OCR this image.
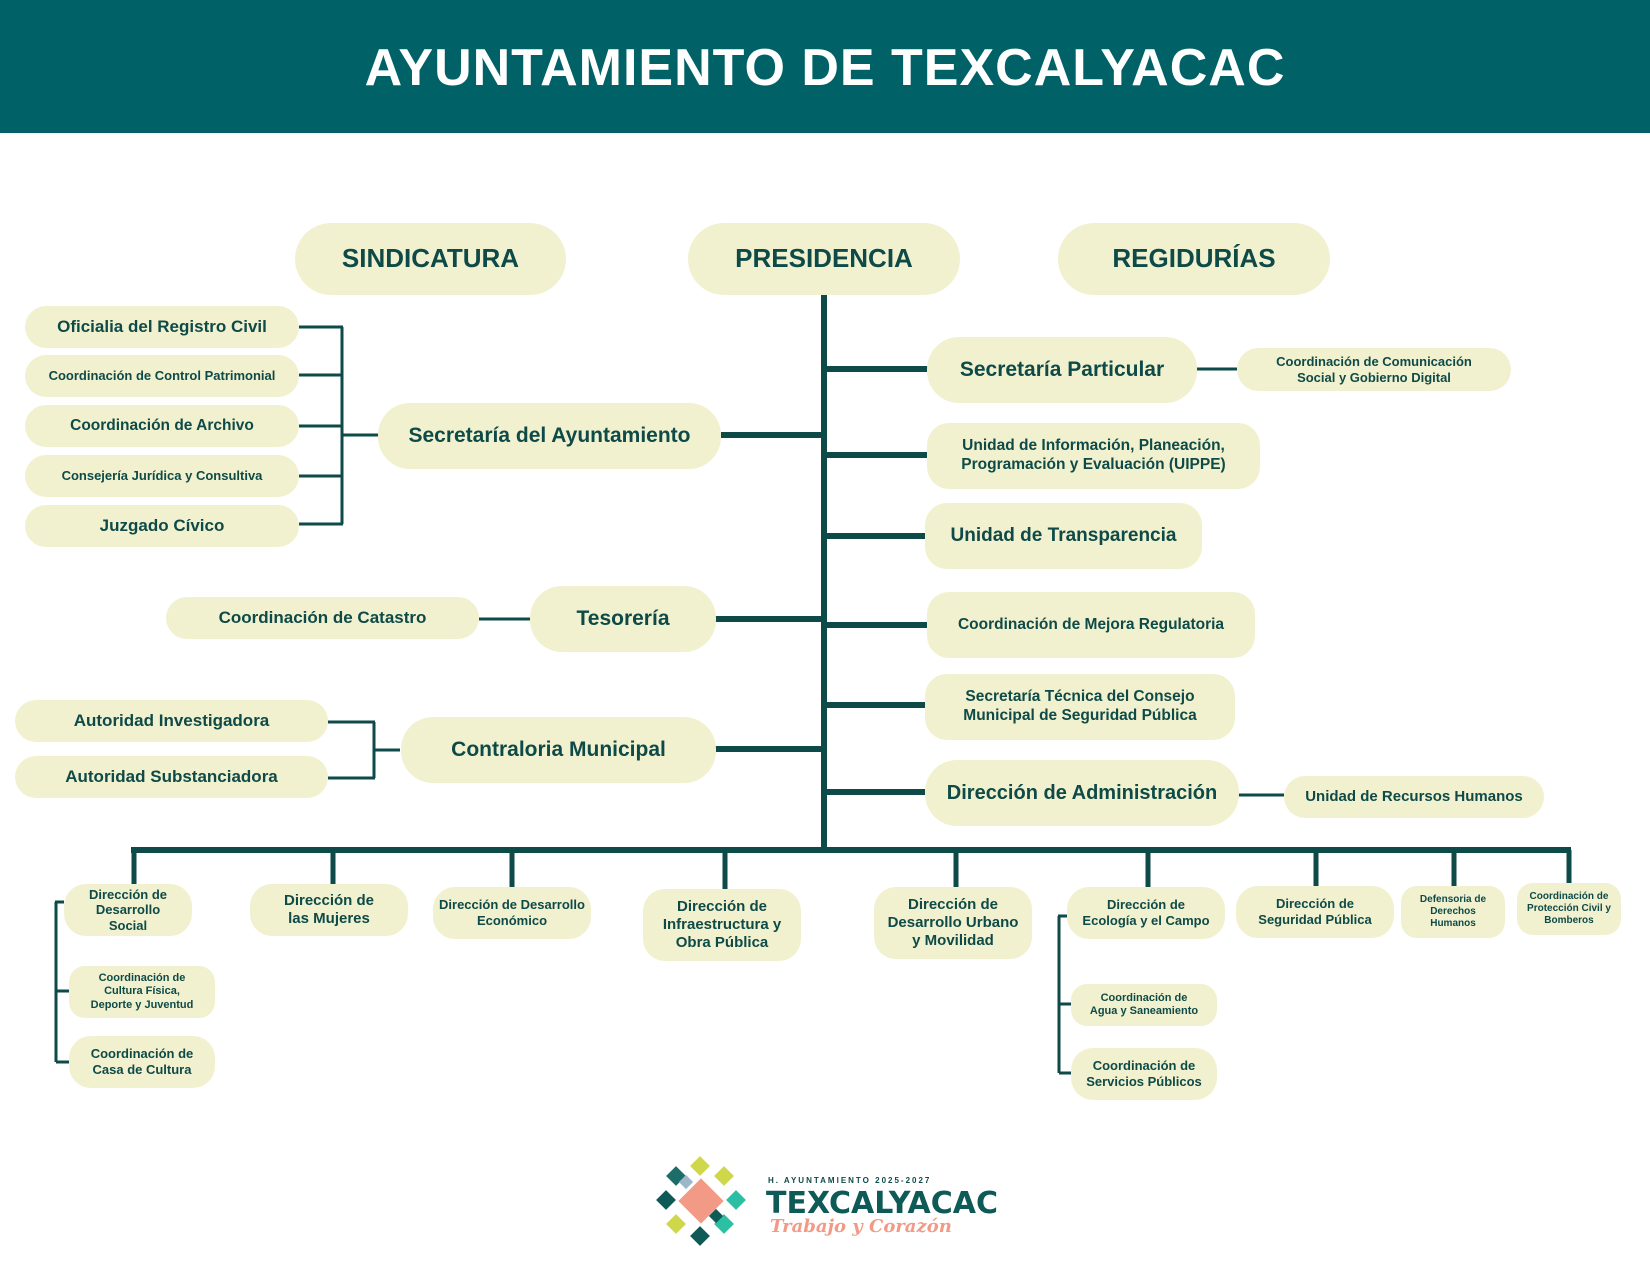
AYUNTAMIENTO DE TEXCALYACAC
SINDICATURA	PRESIDENCIA	REGIDURÍAS
Oficialia del Registro Civil
Coordinación de Control Patrimonial
Coordinación de Archivo
Consejería Jurídica y Consultiva
Juzgado Cívico
Secretaría del Ayuntamiento
Coordinación de Catastro	Tesorería
Autoridad Investigadora
Autoridad Substanciadora
Contraloria Municipal
Secretaría Particular	Coordinación de Comunicación Social y Gobierno Digital
Unidad de Información, Planeación, Programación y Evaluación (UIPPE)
Unidad de Transparencia
Coordinación de Mejora Regulatoria
Secretaría Técnica del Consejo Municipal de Seguridad Pública
Dirección de Administración	Unidad de Recursos Humanos
Dirección de Desarrollo Social
Coordinación de Cultura Física, Deporte y Juventud
Coordinación de Casa de Cultura
Dirección de las Mujeres
Dirección de Desarrollo Económico
Dirección de Infraestructura y Obra Pública
Dirección de Desarrollo Urbano y Movilidad
Dirección de Ecología y el Campo
Coordinación de Agua y Saneamiento
Coordinación de Servicios Públicos
Dirección de Seguridad Pública
Defensoria de Derechos Humanos
Coordinación de Protección Civil y Bomberos
H. AYUNTAMIENTO 2025-2027
TEXCALYACAC
Trabajo y Corazón
